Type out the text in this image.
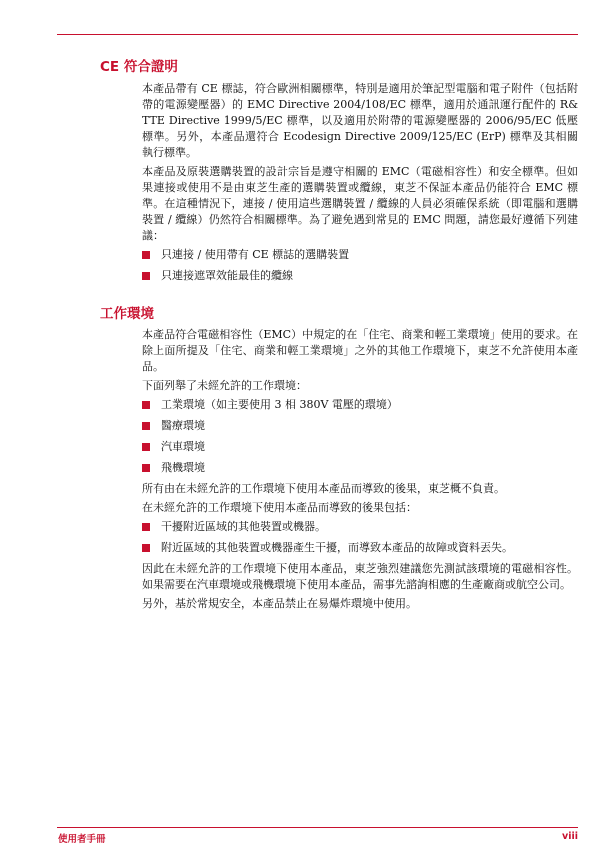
CE 符合證明

本產品帶有 CE 標誌，符合歐洲相關標準，特別是適用於筆記型電腦和電子附件（包括附帶的電源變壓器）的 EMC Directive 2004/108/EC 標準，適用於通訊運行配件的 R&TTE Directive 1999/5/EC 標準，以及適用於附帶的電源變壓器的 2006/95/EC 低壓標準。另外，本產品還符合 Ecodesign Directive 2009/125/EC (ErP) 標準及其相關執行標準。

本產品及原裝選購裝置的設計宗旨是遵守相關的 EMC（電磁相容性）和安全標準。但如果連接或使用不是由東芝生產的選購裝置或纜線，東芝不保証本產品仍能符合 EMC 標準。在這種情況下，連接 / 使用這些選購裝置 / 纜線的人員必須確保系統（即電腦和選購裝置 / 纜線）仍然符合相關標準。為了避免遇到常見的 EMC 問題，請您最好遵循下列建議：

只連接 / 使用帶有 CE 標誌的選購裝置
只連接遮罩效能最佳的纜線
工作環境

本產品符合電磁相容性（EMC）中規定的在「住宅、商業和輕工業環境」使用的要求。在除上面所提及「住宅、商業和輕工業環境」之外的其他工作環境下，東芝不允許使用本產品。

下面列舉了未經允許的工作環境：

工業環境（如主要使用 3 相 380V 電壓的環境）
醫療環境
汽車環境
飛機環境

所有由在未經允許的工作環境下使用本產品而導致的後果，東芝概不負責。

在未經允許的工作環境下使用本產品而導致的後果包括：

干擾附近區域的其他裝置或機器。
附近區域的其他裝置或機器產生干擾，而導致本產品的故障或資料丟失。

因此在未經允許的工作環境下使用本產品，東芝強烈建議您先測試該環境的電磁相容性。如果需要在汽車環境或飛機環境下使用本產品，需事先諮詢相應的生產廠商或航空公司。

另外，基於常規安全，本產品禁止在易爆炸環境中使用。

使用者手冊	viii
